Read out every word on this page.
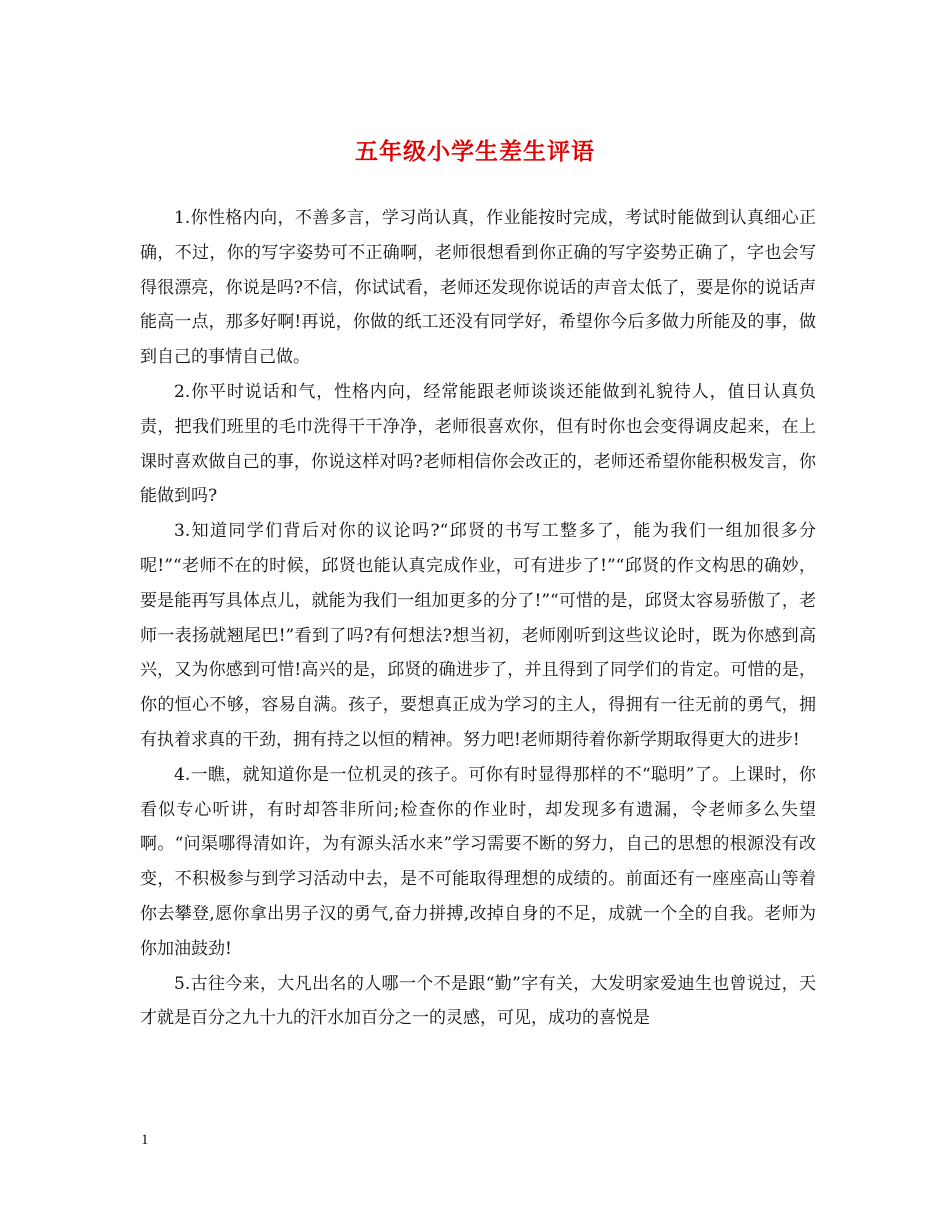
五年级小学生差生评语

1.你性格内向，不善多言，学习尚认真，作业能按时完成，考试时能做到认真细心正确，不过，你的写字姿势可不正确啊，老师很想看到你正确的写字姿势正确了，字也会写得很漂亮，你说是吗?不信，你试试看，老师还发现你说话的声音太低了，要是你的说话声能高一点，那多好啊!再说，你做的纸工还没有同学好，希望你今后多做力所能及的事，做到自己的事情自己做。

2.你平时说话和气，性格内向，经常能跟老师谈谈还能做到礼貌待人，值日认真负责，把我们班里的毛巾洗得干干净净，老师很喜欢你，但有时你也会变得调皮起来，在上课时喜欢做自己的事，你说这样对吗?老师相信你会改正的，老师还希望你能积极发言，你能做到吗?

3.知道同学们背后对你的议论吗?“邱贤的书写工整多了，能为我们一组加很多分呢!”“老师不在的时候，邱贤也能认真完成作业，可有进步了!”“邱贤的作文构思的确妙，要是能再写具体点儿，就能为我们一组加更多的分了!”“可惜的是，邱贤太容易骄傲了，老师一表扬就翘尾巴!”看到了吗?有何想法?想当初，老师刚听到这些议论时，既为你感到高兴，又为你感到可惜!高兴的是，邱贤的确进步了，并且得到了同学们的肯定。可惜的是，你的恒心不够，容易自满。孩子，要想真正成为学习的主人，得拥有一往无前的勇气，拥有执着求真的干劲，拥有持之以恒的精神。努力吧!老师期待着你新学期取得更大的进步!

4.一瞧，就知道你是一位机灵的孩子。可你有时显得那样的不“聪明”了。上课时，你看似专心听讲，有时却答非所问;检查你的作业时，却发现多有遗漏，令老师多么失望啊。“问渠哪得清如许，为有源头活水来”学习需要不断的努力，自己的思想的根源没有改变，不积极参与到学习活动中去，是不可能取得理想的成绩的。前面还有一座座高山等着你去攀登,愿你拿出男子汉的勇气,奋力拼搏,改掉自身的不足，成就一个全的自我。老师为你加油鼓劲!

5.古往今来，大凡出名的人哪一个不是跟“勤”字有关，大发明家爱迪生也曾说过，天才就是百分之九十九的汗水加百分之一的灵感，可见，成功的喜悦是

1
